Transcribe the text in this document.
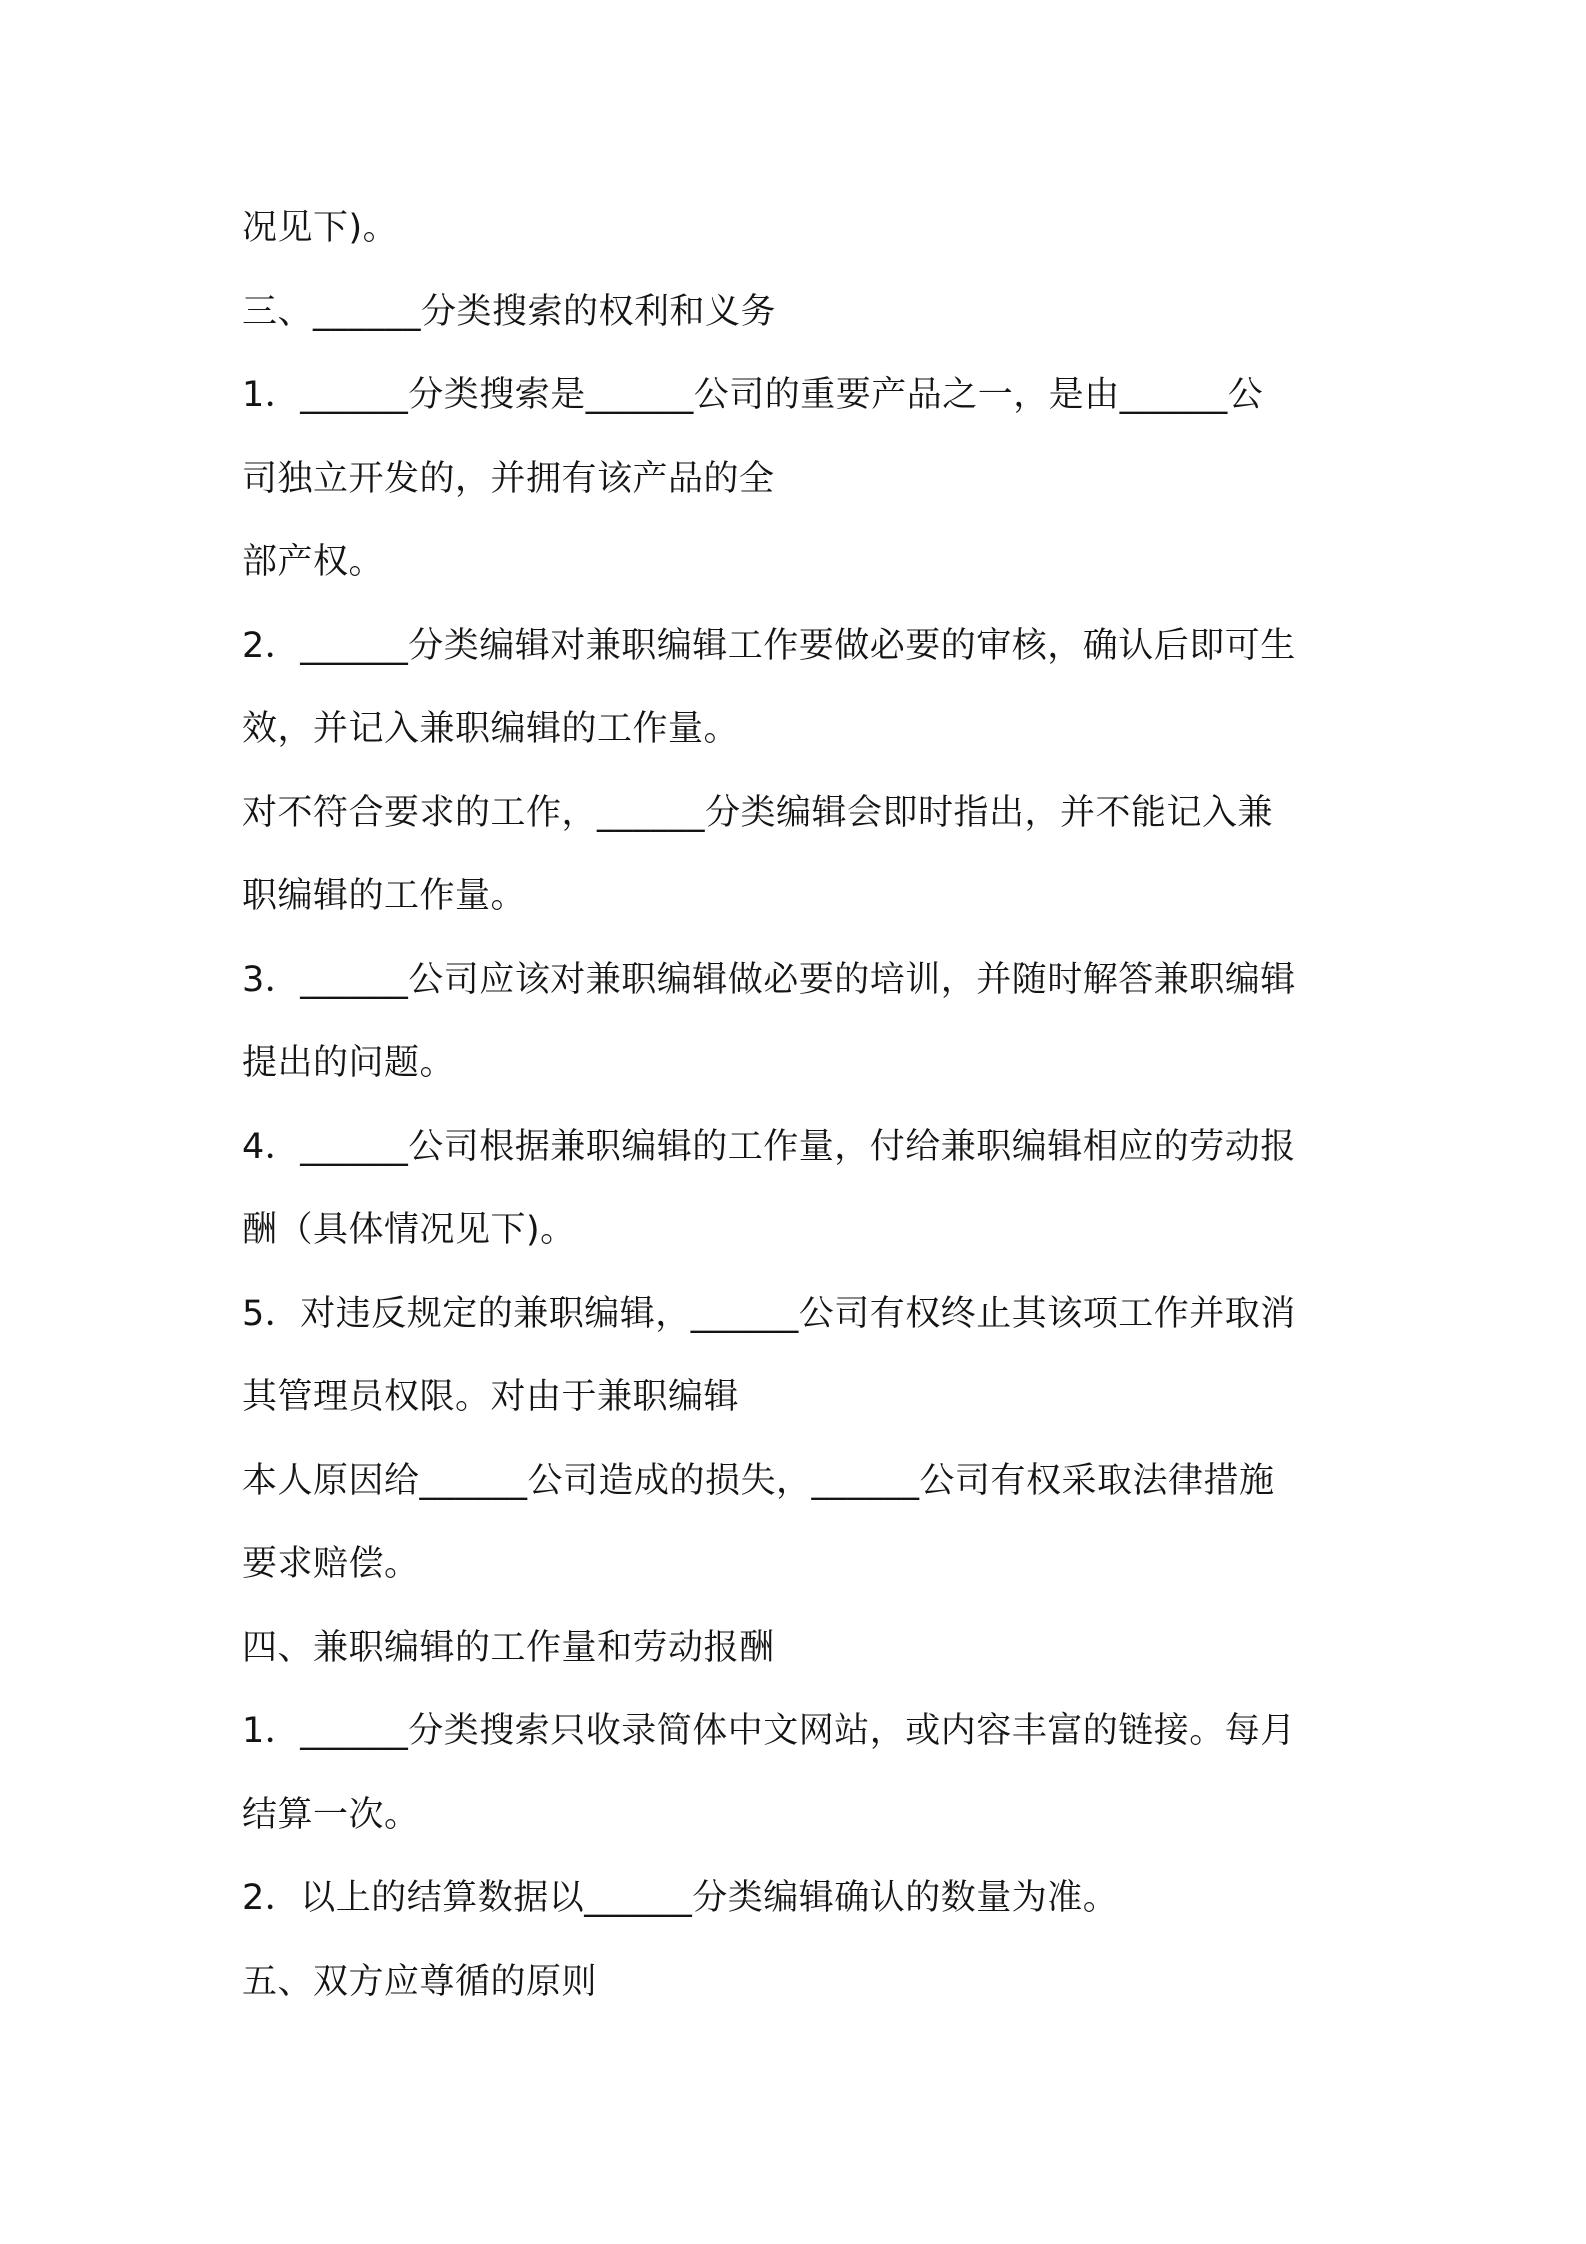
况见下)。
三、______分类搜索的权利和义务
1．______分类搜索是______公司的重要产品之一，是由______公
司独立开发的，并拥有该产品的全
部产权。
2．______分类编辑对兼职编辑工作要做必要的审核，确认后即可生
效，并记入兼职编辑的工作量。
对不符合要求的工作，______分类编辑会即时指出，并不能记入兼
职编辑的工作量。
3．______公司应该对兼职编辑做必要的培训，并随时解答兼职编辑
提出的问题。
4．______公司根据兼职编辑的工作量，付给兼职编辑相应的劳动报
酬（具体情况见下)。
5．对违反规定的兼职编辑，______公司有权终止其该项工作并取消
其管理员权限。对由于兼职编辑
本人原因给______公司造成的损失，______公司有权采取法律措施
要求赔偿。
四、兼职编辑的工作量和劳动报酬
1．______分类搜索只收录简体中文网站，或内容丰富的链接。每月
结算一次。
2．以上的结算数据以______分类编辑确认的数量为准。
五、双方应尊循的原则
